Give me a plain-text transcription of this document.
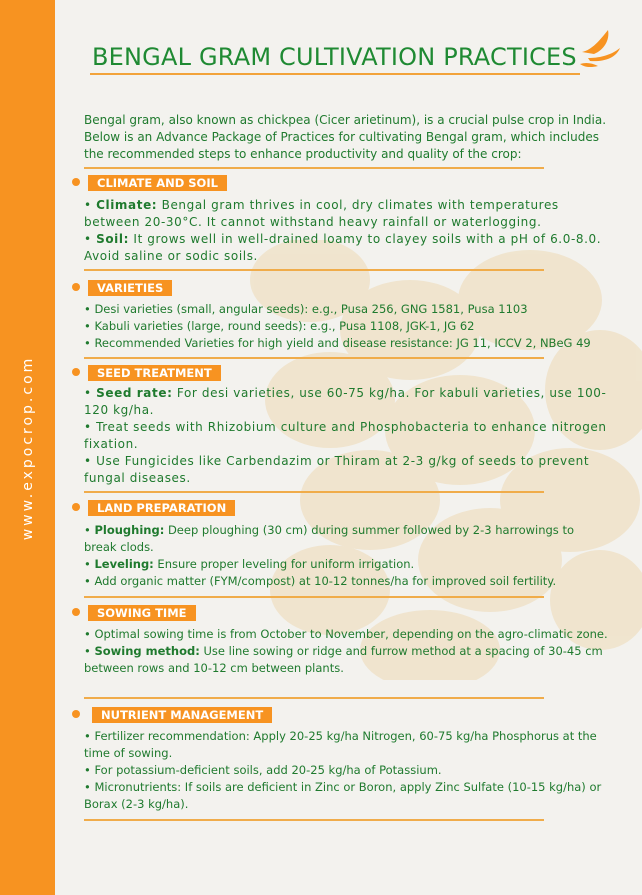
www.expocrop.com
BENGAL GRAM CULTIVATION PRACTICES

Bengal gram, also known as chickpea (Cicer arietinum), is a crucial pulse crop in India. Below is an Advance Package of Practices for cultivating Bengal gram, which includes the recommended steps to enhance productivity and quality of the crop:

CLIMATE AND SOIL

• Climate: Bengal gram thrives in cool, dry climates with temperatures between 20-30°C. It cannot withstand heavy rainfall or waterlogging.

• Soil: It grows well in well-drained loamy to clayey soils with a pH of 6.0-8.0. Avoid saline or sodic soils.

VARIETIES

• Desi varieties (small, angular seeds): e.g., Pusa 256, GNG 1581, Pusa 1103

• Kabuli varieties (large, round seeds): e.g., Pusa 1108, JGK-1, JG 62

• Recommended Varieties for high yield and disease resistance: JG 11, ICCV 2, NBeG 49

SEED TREATMENT

• Seed rate: For desi varieties, use 60-75 kg/ha. For kabuli varieties, use 100-120 kg/ha.

• Treat seeds with Rhizobium culture and Phosphobacteria to enhance nitrogen fixation.

• Use Fungicides like Carbendazim or Thiram at 2-3 g/kg of seeds to prevent fungal diseases.

LAND PREPARATION

• Ploughing: Deep ploughing (30 cm) during summer followed by 2-3 harrowings to break clods.

• Leveling: Ensure proper leveling for uniform irrigation.

• Add organic matter (FYM/compost) at 10-12 tonnes/ha for improved soil fertility.

SOWING TIME

• Optimal sowing time is from October to November, depending on the agro-climatic zone.

• Sowing method: Use line sowing or ridge and furrow method at a spacing of 30-45 cm between rows and 10-12 cm between plants.

NUTRIENT MANAGEMENT

• Fertilizer recommendation: Apply 20-25 kg/ha Nitrogen, 60-75 kg/ha Phosphorus at the time of sowing.

• For potassium-deficient soils, add 20-25 kg/ha of Potassium.

• Micronutrients: If soils are deficient in Zinc or Boron, apply Zinc Sulfate (10-15 kg/ha) or Borax (2-3 kg/ha).
